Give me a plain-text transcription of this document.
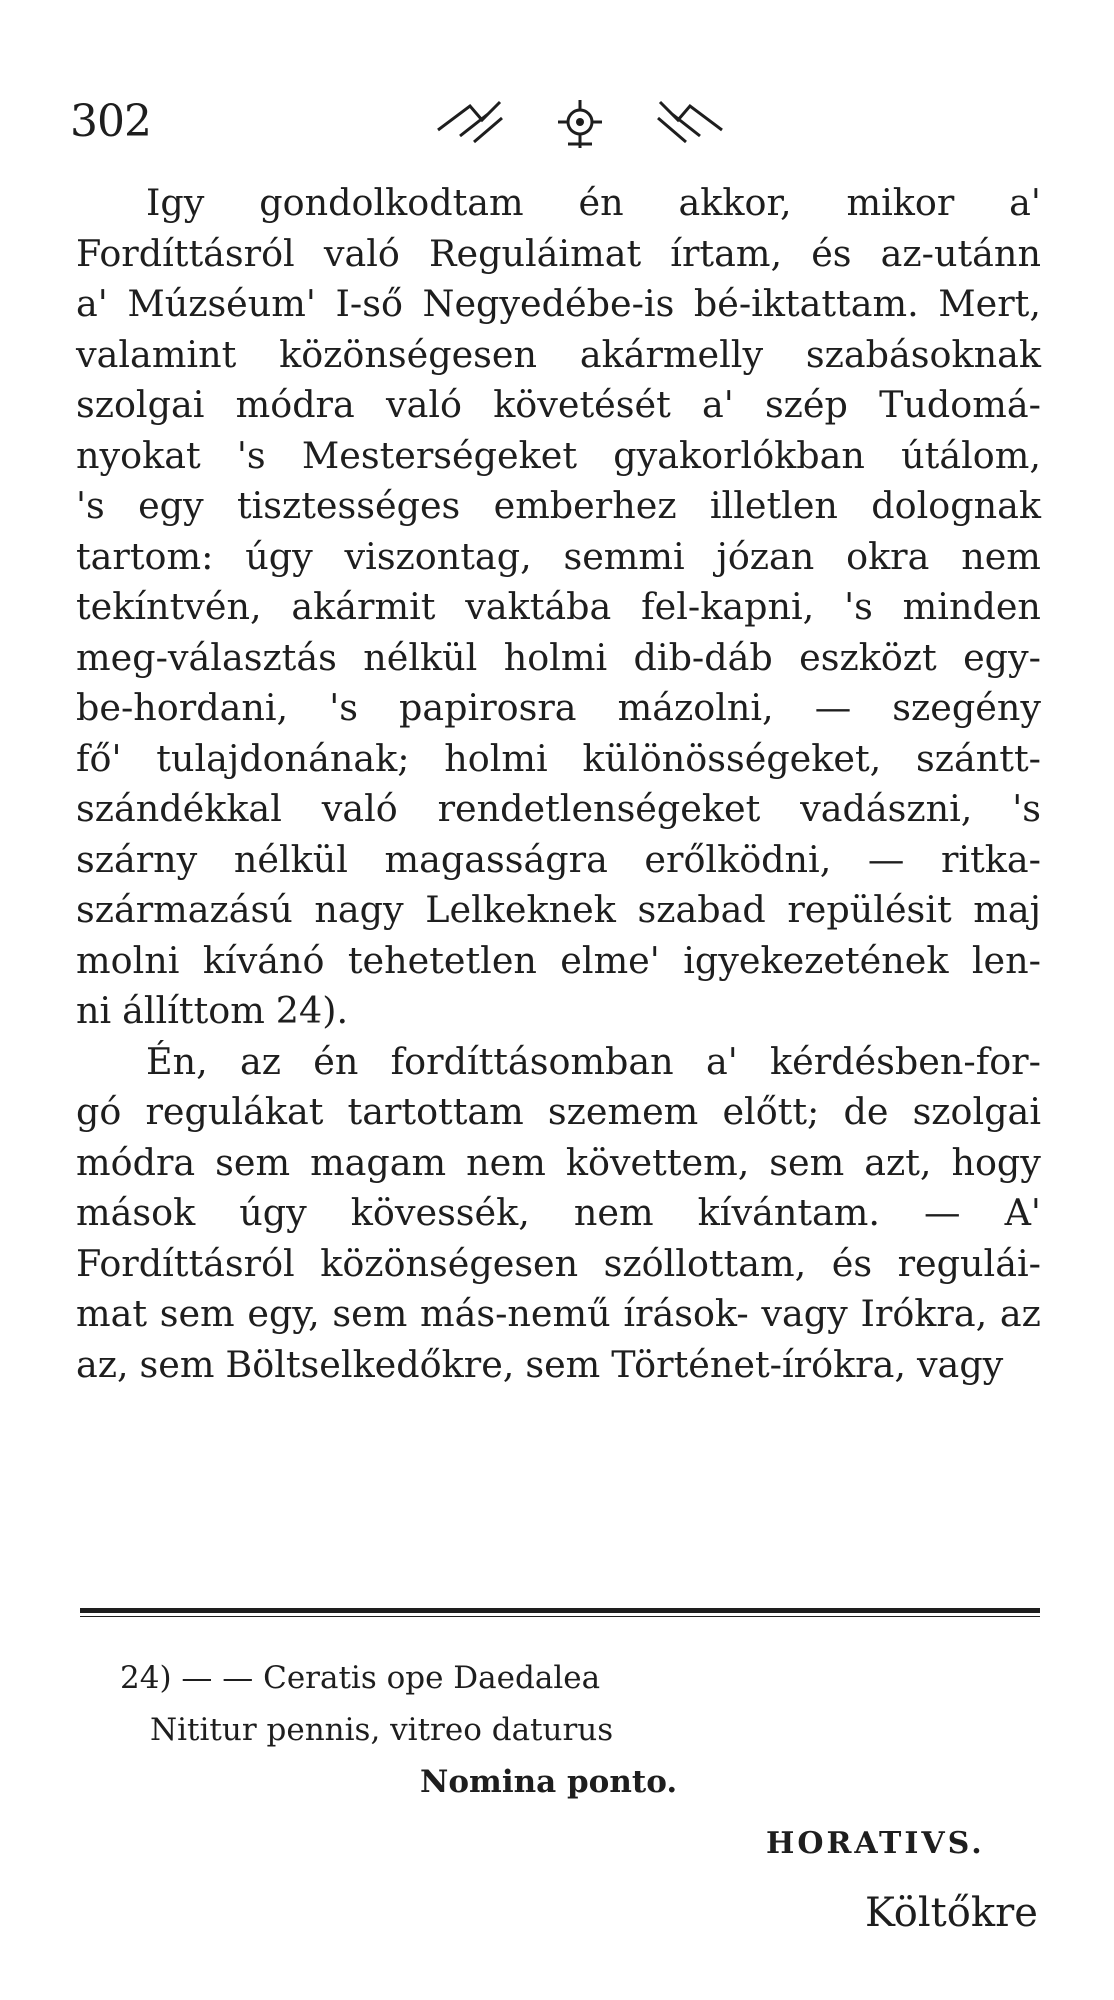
302
Igy gondolkodtam én akkor, mikor a'
Fordíttásról való Reguláimat írtam, és az-utánn
a' Múzséum' I-ső Negyedébe-is bé-iktattam. Mert,
valamint közönségesen akármelly szabásoknak
szolgai módra való követését a' szép Tudomá-
nyokat 's Mesterségeket gyakorlókban útálom,
's egy tisztességes emberhez illetlen dolognak
tartom: úgy viszontag, semmi józan okra nem
tekíntvén, akármit vaktába fel-kapni, 's minden
meg-választás nélkül holmi dib-dáb eszközt egy-
be-hordani, 's papirosra mázolni, — szegény
fő' tulajdonának; holmi különösségeket, szántt-
szándékkal való rendetlenségeket vadászni, 's
szárny nélkül magasságra erőlködni, — ritka-
származású nagy Lelkeknek szabad repülésit maj
molni kívánó tehetetlen elme' igyekezetének len-
ni állíttom 24).
Én, az én fordíttásomban a' kérdésben-for-
gó regulákat tartottam szemem előtt; de szolgai
módra sem magam nem követtem, sem azt, hogy
mások úgy kövessék, nem kívántam. — A'
Fordíttásról közönségesen szóllottam, és regulái-
mat sem egy, sem más-nemű írások- vagy Irókra, az
az, sem Böltselkedőkre, sem Történet-írókra, vagy
24) — — Ceratis ope Daedalea
Nititur pennis, vitreo daturus
Nomina ponto.
HORATIVS.
Költőkre
